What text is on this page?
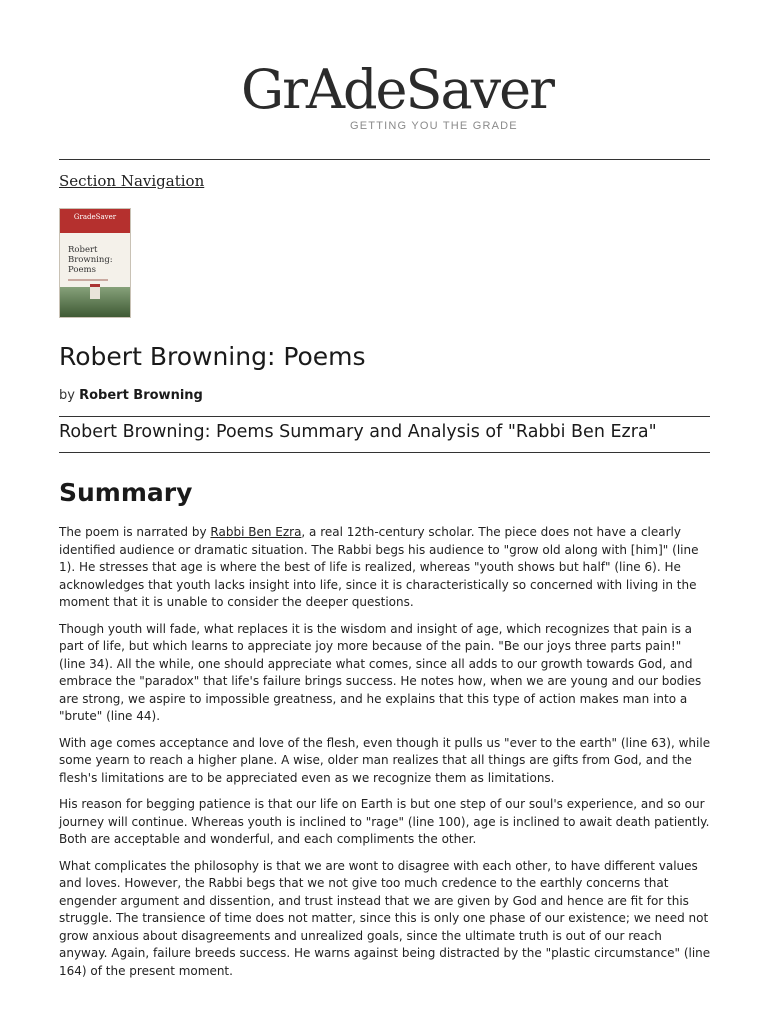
GrAdeSaver
GETTING YOU THE GRADE
Section Navigation
GradeSaver
Robert
Browning:
Poems
Robert Browning: Poems
by Robert Browning
Robert Browning: Poems Summary and Analysis of "Rabbi Ben Ezra"
Summary

The poem is narrated by Rabbi Ben Ezra, a real 12th-century scholar. The piece does not have a clearly identified audience or dramatic situation. The Rabbi begs his audience to "grow old along with [him]" (line 1). He stresses that age is where the best of life is realized, whereas "youth shows but half" (line 6). He acknowledges that youth lacks insight into life, since it is characteristically so concerned with living in the moment that it is unable to consider the deeper questions.

Though youth will fade, what replaces it is the wisdom and insight of age, which recognizes that pain is a part of life, but which learns to appreciate joy more because of the pain. "Be our joys three parts pain!" (line 34). All the while, one should appreciate what comes, since all adds to our growth towards God, and embrace the "paradox" that life's failure brings success. He notes how, when we are young and our bodies are strong, we aspire to impossible greatness, and he explains that this type of action makes man into a "brute" (line 44).

With age comes acceptance and love of the flesh, even though it pulls us "ever to the earth" (line 63), while some yearn to reach a higher plane. A wise, older man realizes that all things are gifts from God, and the flesh's limitations are to be appreciated even as we recognize them as limitations.

His reason for begging patience is that our life on Earth is but one step of our soul's experience, and so our journey will continue. Whereas youth is inclined to "rage" (line 100), age is inclined to await death patiently. Both are acceptable and wonderful, and each compliments the other.

What complicates the philosophy is that we are wont to disagree with each other, to have different values and loves. However, the Rabbi begs that we not give too much credence to the earthly concerns that engender argument and dissention, and trust instead that we are given by God and hence are fit for this struggle. The transience of time does not matter, since this is only one phase of our existence; we need not grow anxious about disagreements and unrealized goals, since the ultimate truth is out of our reach anyway. Again, failure breeds success. He warns against being distracted by the "plastic circumstance" (line 164) of the present moment.
